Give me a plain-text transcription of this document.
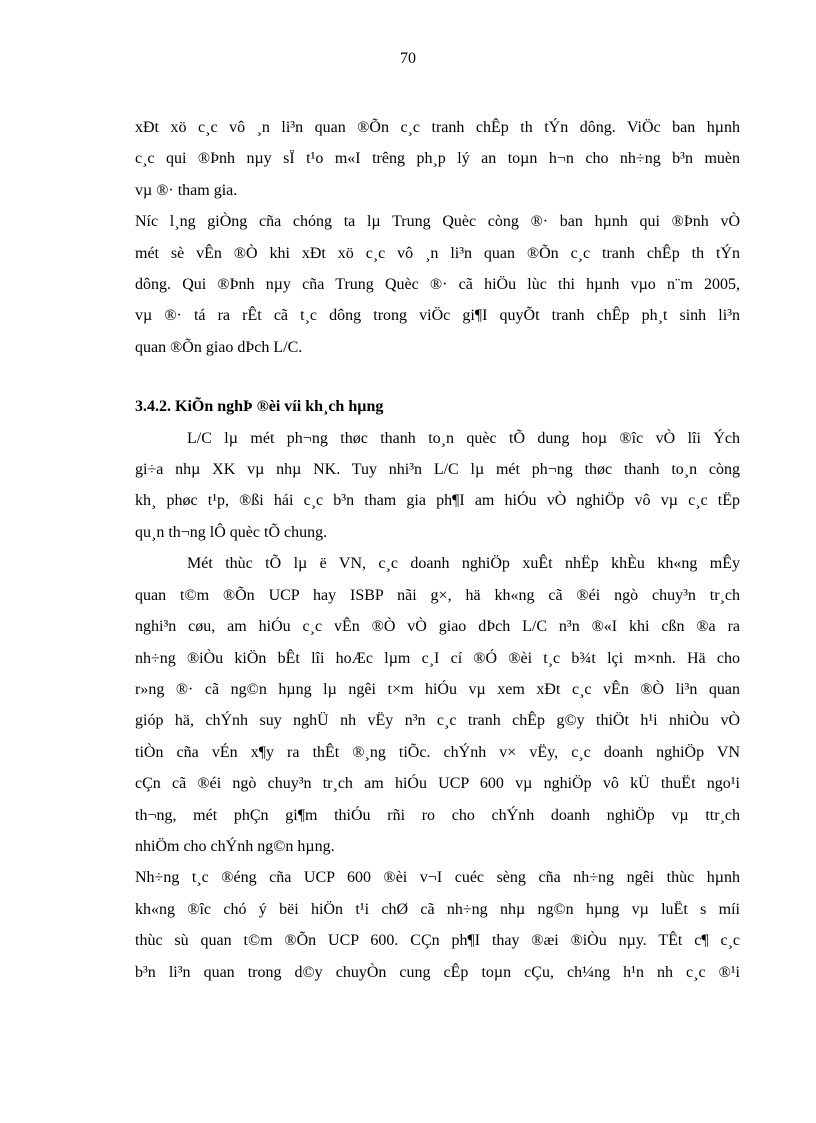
70

xĐt xö c¸c vô ¸n li³n quan ®Õn c¸c tranh chÊp th tÝn dông. ViÖc ban hµnh
c¸c qui ®Þnh nµy sÏ t¹o m«I trêng ph¸p lý an toµn h¬n cho nh÷ng b³n muèn
vµ ®· tham gia.

Níc l¸ng giÒng cña chóng ta lµ Trung Quèc còng ®· ban hµnh qui ®Þnh vÒ
mét sè vÊn ®Ò khi xĐt xö c¸c vô ¸n li³n quan ®Õn c¸c tranh chÊp th tÝn
dông. Qui ®Þnh nµy cña Trung Quèc ®· cã hiÖu lùc thi hµnh vµo n¨m 2005,
vµ ®· tá ra rÊt cã t¸c dông trong viÖc gi¶I quyÕt tranh chÊp ph¸t sinh li³n
quan ®Õn giao dÞch L/C.

3.4.2. KiÕn nghÞ ®èi víi kh¸ch hµng

L/C lµ mét ph¬ng thøc thanh to¸n quèc tÕ dung hoµ ®îc vÒ lîi Ých
gi÷a nhµ XK vµ nhµ NK. Tuy nhi³n L/C lµ mét ph¬ng thøc thanh to¸n còng
kh¸ phøc t¹p, ®ßi hái c¸c b³n tham gia ph¶I am hiÓu vÒ nghiÖp vô vµ c¸c tËp
qu¸n th¬ng lÔ quèc tÕ chung.

Mét thùc tÕ lµ ë VN, c¸c doanh nghiÖp xuÊt nhËp khÈu kh«ng mÊy
quan t©m ®Õn UCP hay ISBP nãi g×, hä kh«ng cã ®éi ngò chuy³n tr¸ch
nghi³n cøu, am hiÓu c¸c vÊn ®Ò vÒ giao dÞch L/C n³n ®«I khi cßn ®a ra
nh÷ng ®iÒu kiÖn bÊt lîi hoÆc lµm c¸I cí ®Ó ®èi t¸c b¾t lçi m×nh. Hä cho
r»ng ®· cã ng©n hµng lµ ngêi t×m hiÓu vµ xem xĐt c¸c vÊn ®Ò li³n quan
gióp hä, chÝnh suy nghÜ nh vËy n³n c¸c tranh chÊp g©y thiÖt h¹i nhiÒu vÒ
tiÒn cña vÉn x¶y ra thÊt ®¸ng tiÕc. chÝnh v× vËy, c¸c doanh nghiÖp VN
cÇn cã ®éi ngò chuy³n tr¸ch am hiÓu UCP 600 vµ nghiÖp vô kÜ thuËt ngo¹i
th¬ng, mét phÇn gi¶m thiÓu rñi ro cho chÝnh doanh nghiÖp vµ ttr¸ch
nhiÖm cho chÝnh ng©n hµng.

Nh÷ng t¸c ®éng cña UCP 600 ®èi v¬I cuéc sèng cña nh÷ng ngêi thùc hµnh
kh«ng ®îc chó ý bëi hiÖn t¹i chØ cã nh÷ng nhµ ng©n hµng vµ luËt s míi
thùc sù quan t©m ®Õn UCP 600. CÇn ph¶I thay ®æi ®iÒu nµy. TÊt c¶ c¸c
b³n li³n quan trong d©y chuyÒn cung cÊp toµn cÇu, ch¼ng h¹n nh c¸c ®¹i
